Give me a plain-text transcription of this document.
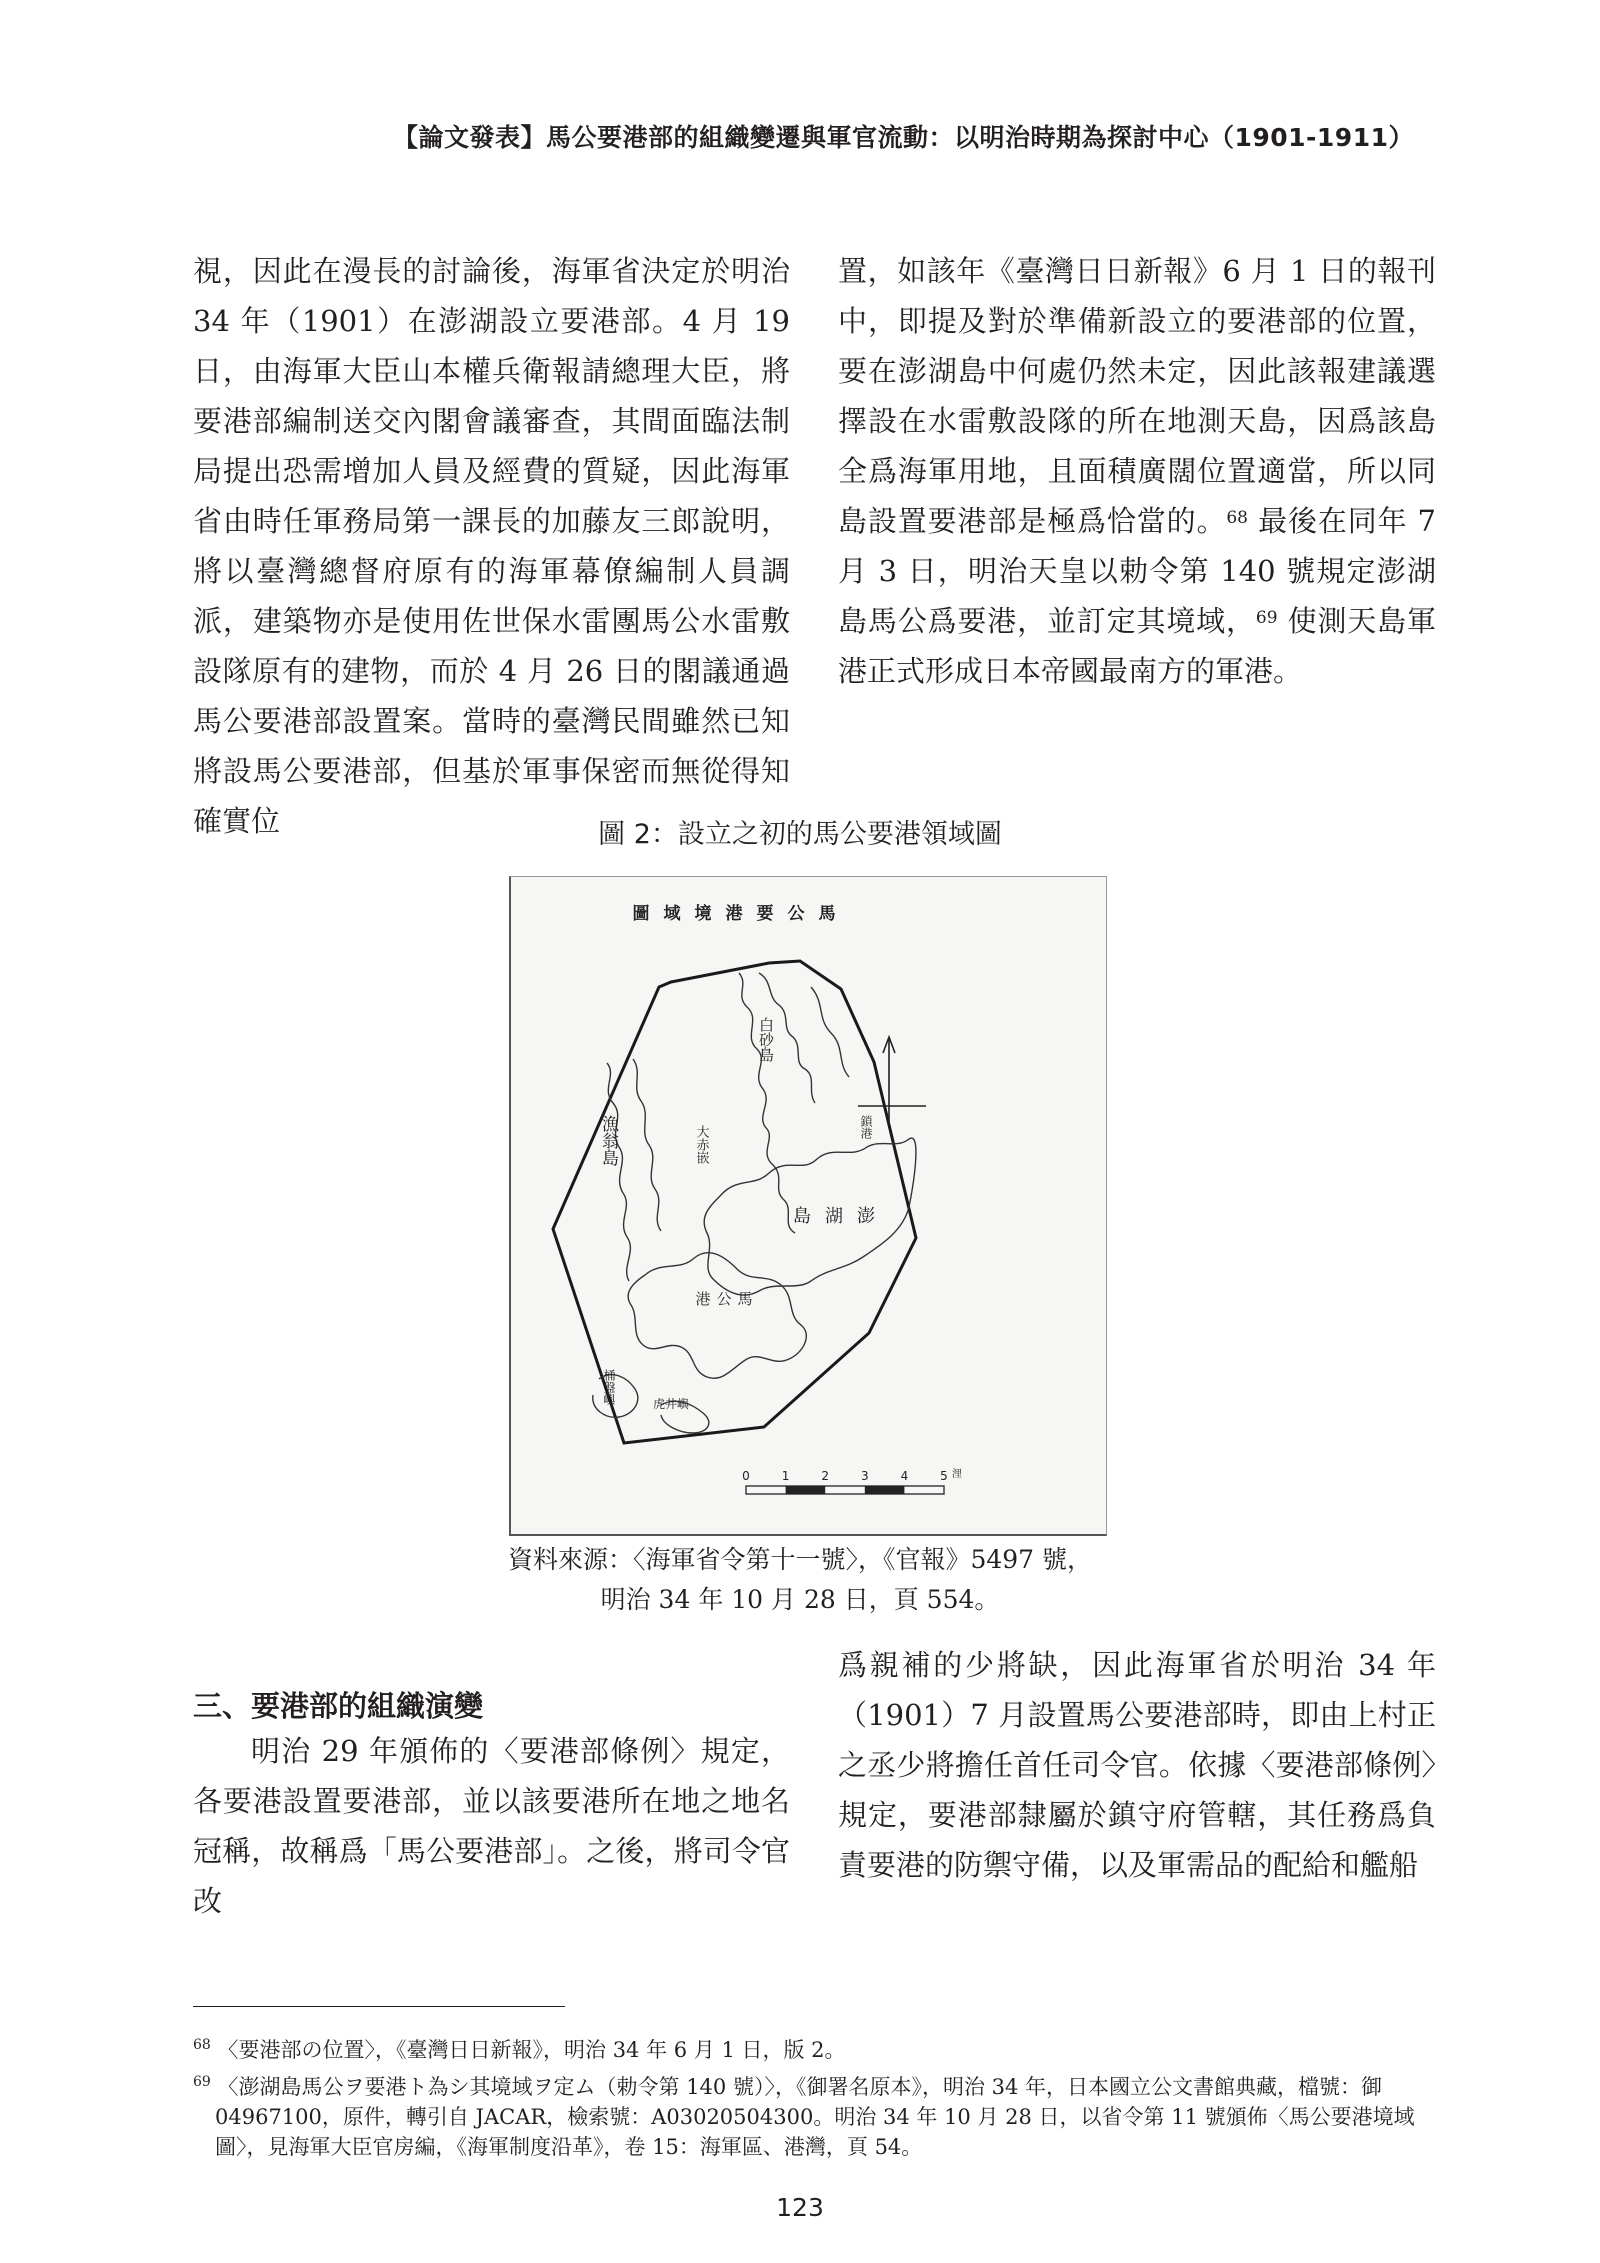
【論文發表】馬公要港部的組織變遷與軍官流動：以明治時期為探討中心（1901-1911）

視，因此在漫長的討論後，海軍省決定於明治 34 年（1901）在澎湖設立要港部。4 月 19 日，由海軍大臣山本權兵衛報請總理大臣，將要港部編制送交內閣會議審查，其間面臨法制局提出恐需增加人員及經費的質疑，因此海軍省由時任軍務局第一課長的加藤友三郎說明，將以臺灣總督府原有的海軍幕僚編制人員調派，建築物亦是使用佐世保水雷團馬公水雷敷設隊原有的建物，而於 4 月 26 日的閣議通過馬公要港部設置案。當時的臺灣民間雖然已知將設馬公要港部，但基於軍事保密而無從得知確實位

置，如該年《臺灣日日新報》6 月 1 日的報刊中，即提及對於準備新設立的要港部的位置，要在澎湖島中何處仍然未定，因此該報建議選擇設在水雷敷設隊的所在地測天島，因爲該島全爲海軍用地，且面積廣闊位置適當，所以同島設置要港部是極爲恰當的。$^{68}$ 最後在同年 7 月 3 日，明治天皇以勅令第 140 號規定澎湖島馬公爲要港，並訂定其境域，$^{69}$ 使測天島軍港正式形成日本帝國最南方的軍港。

圖 2：設立之初的馬公要港領域圖
圖域境港要公馬
白砂島
漁翁島	大赤嵌	鎖港
桶盤嶼
島湖澎
港公馬
虎井嶼
0	1	2	3	4	5 浬
資料來源：〈海軍省令第十一號〉，《官報》5497 號，
明治 34 年 10 月 28 日，頁 554。
三、要港部的組織演變

明治 29 年頒佈的〈要港部條例〉規定，各要港設置要港部，並以該要港所在地之地名冠稱，故稱爲「馬公要港部」。之後，將司令官改

爲親補的少將缺，因此海軍省於明治 34 年（1901）7 月設置馬公要港部時，即由上村正之丞少將擔任首任司令官。依據〈要港部條例〉規定，要港部隸屬於鎮守府管轄，其任務爲負責要港的防禦守備，以及軍需品的配給和艦船

$^{68}$ 〈要港部の位置〉，《臺灣日日新報》，明治 34 年 6 月 1 日，版 2。

$^{69}$ 〈澎湖島馬公ヲ要港ト為シ其境域ヲ定ム（勅令第 140 號）〉，《御署名原本》，明治 34 年，日本國立公文書館典藏，檔號：御 04967100，原件，轉引自 JACAR，檢索號：A03020504300。明治 34 年 10 月 28 日，以省令第 11 號頒佈〈馬公要港境域圖〉，見海軍大臣官房編，《海軍制度沿革》，卷 15：海軍區、港灣，頁 54。

123
